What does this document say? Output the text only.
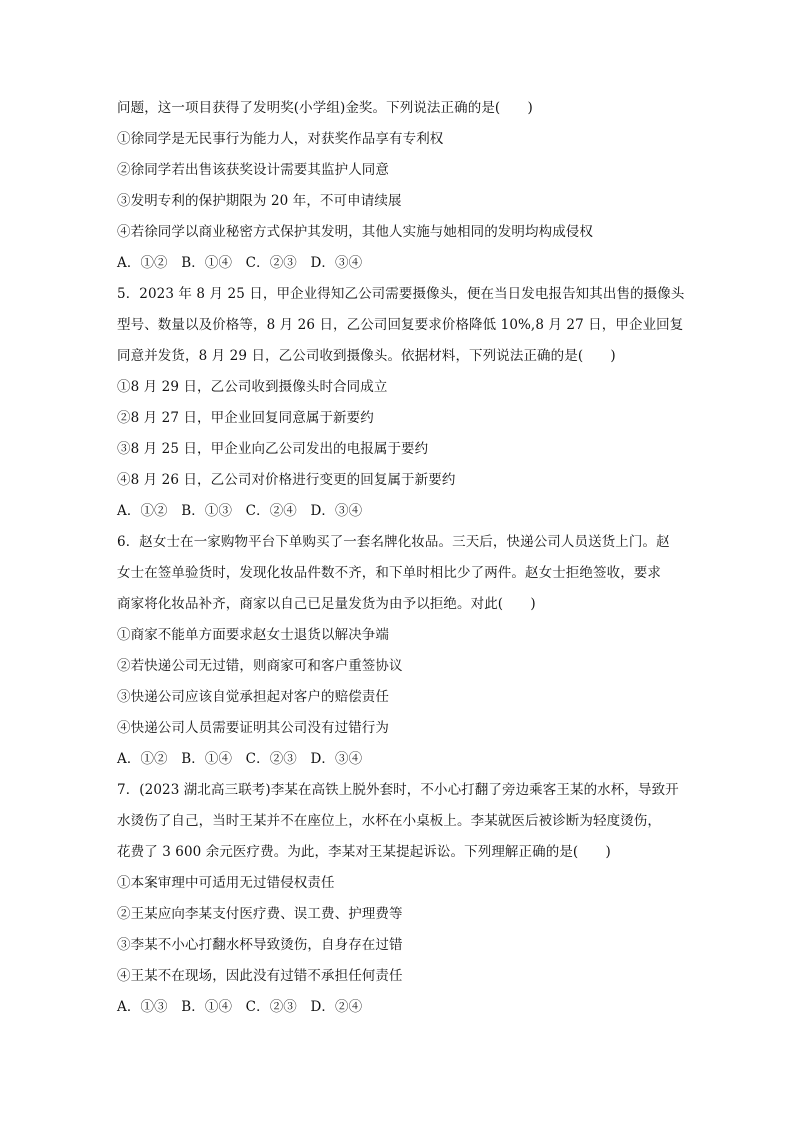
问题，这一项目获得了发明奖(小学组)金奖。下列说法正确的是(　　)
①徐同学是无民事行为能力人，对获奖作品享有专利权
②徐同学若出售该获奖设计需要其监护人同意
③发明专利的保护期限为 20 年，不可申请续展
④若徐同学以商业秘密方式保护其发明，其他人实施与她相同的发明均构成侵权
A．①②　B．①④　C．②③　D．③④
5．2023 年 8 月 25 日，甲企业得知乙公司需要摄像头，便在当日发电报告知其出售的摄像头
型号、数量以及价格等，8 月 26 日，乙公司回复要求价格降低 10%,8 月 27 日，甲企业回复
同意并发货，8 月 29 日，乙公司收到摄像头。依据材料，下列说法正确的是(　　)
①8 月 29 日，乙公司收到摄像头时合同成立
②8 月 27 日，甲企业回复同意属于新要约
③8 月 25 日，甲企业向乙公司发出的电报属于要约
④8 月 26 日，乙公司对价格进行变更的回复属于新要约
A．①②　B．①③　C．②④　D．③④
6．赵女士在一家购物平台下单购买了一套名牌化妆品。三天后，快递公司人员送货上门。赵
女士在签单验货时，发现化妆品件数不齐，和下单时相比少了两件。赵女士拒绝签收，要求
商家将化妆品补齐，商家以自己已足量发货为由予以拒绝。对此(　　)
①商家不能单方面要求赵女士退货以解决争端
②若快递公司无过错，则商家可和客户重签协议
③快递公司应该自觉承担起对客户的赔偿责任
④快递公司人员需要证明其公司没有过错行为
A．①②　B．①④　C．②③　D．③④
7．(2023 湖北高三联考)李某在高铁上脱外套时，不小心打翻了旁边乘客王某的水杯，导致开
水烫伤了自己，当时王某并不在座位上，水杯在小桌板上。李某就医后被诊断为轻度烫伤，
花费了 3 600 余元医疗费。为此，李某对王某提起诉讼。下列理解正确的是(　　)
①本案审理中可适用无过错侵权责任
②王某应向李某支付医疗费、误工费、护理费等
③李某不小心打翻水杯导致烫伤，自身存在过错
④王某不在现场，因此没有过错不承担任何责任
A．①③　B．①④　C．②③　D．②④
